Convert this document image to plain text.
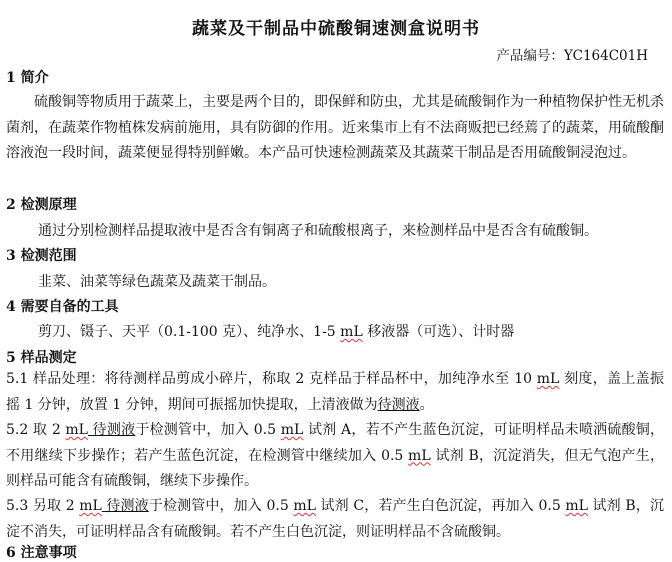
蔬菜及干制品中硫酸铜速测盒说明书
产品编号：YC164C01H
1 简介
硫酸铜等物质用于蔬菜上，主要是两个目的，即保鲜和防虫，尤其是硫酸铜作为一种植物保护性无机杀菌剂，在蔬菜作物植株发病前施用，具有防御的作用。近来集市上有不法商贩把已经蔫了的蔬菜，用硫酸酮溶液泡一段时间，蔬菜便显得特别鲜嫩。本产品可快速检测蔬菜及其蔬菜干制品是否用硫酸铜浸泡过。
2 检测原理
通过分别检测样品提取液中是否含有铜离子和硫酸根离子，来检测样品中是否含有硫酸铜。
3 检测范围
韭菜、油菜等绿色蔬菜及蔬菜干制品。
4 需要自备的工具
剪刀、镊子、天平（0.1-100 克）、纯净水、1-5 mL 移液器（可选）、计时器
5 样品测定
5.1 样品处理：将待测样品剪成小碎片，称取 2 克样品于样品杯中，加纯净水至 10 mL 刻度，盖上盖振摇 1 分钟，放置 1 分钟，期间可振摇加快提取，上清液做为待测液。
5.2 取 2 mL 待测液于检测管中，加入 0.5 mL 试剂 A，若不产生蓝色沉淀，可证明样品未喷洒硫酸铜，不用继续下步操作；若产生蓝色沉淀，在检测管中继续加入 0.5 mL 试剂 B，沉淀消失，但无气泡产生，则样品可能含有硫酸铜，继续下步操作。
5.3 另取 2 mL 待测液于检测管中，加入 0.5 mL 试剂 C，若产生白色沉淀，再加入 0.5 mL 试剂 B，沉淀不消失，可证明样品含有硫酸铜。若不产生白色沉淀，则证明样品不含硫酸铜。
6 注意事项
